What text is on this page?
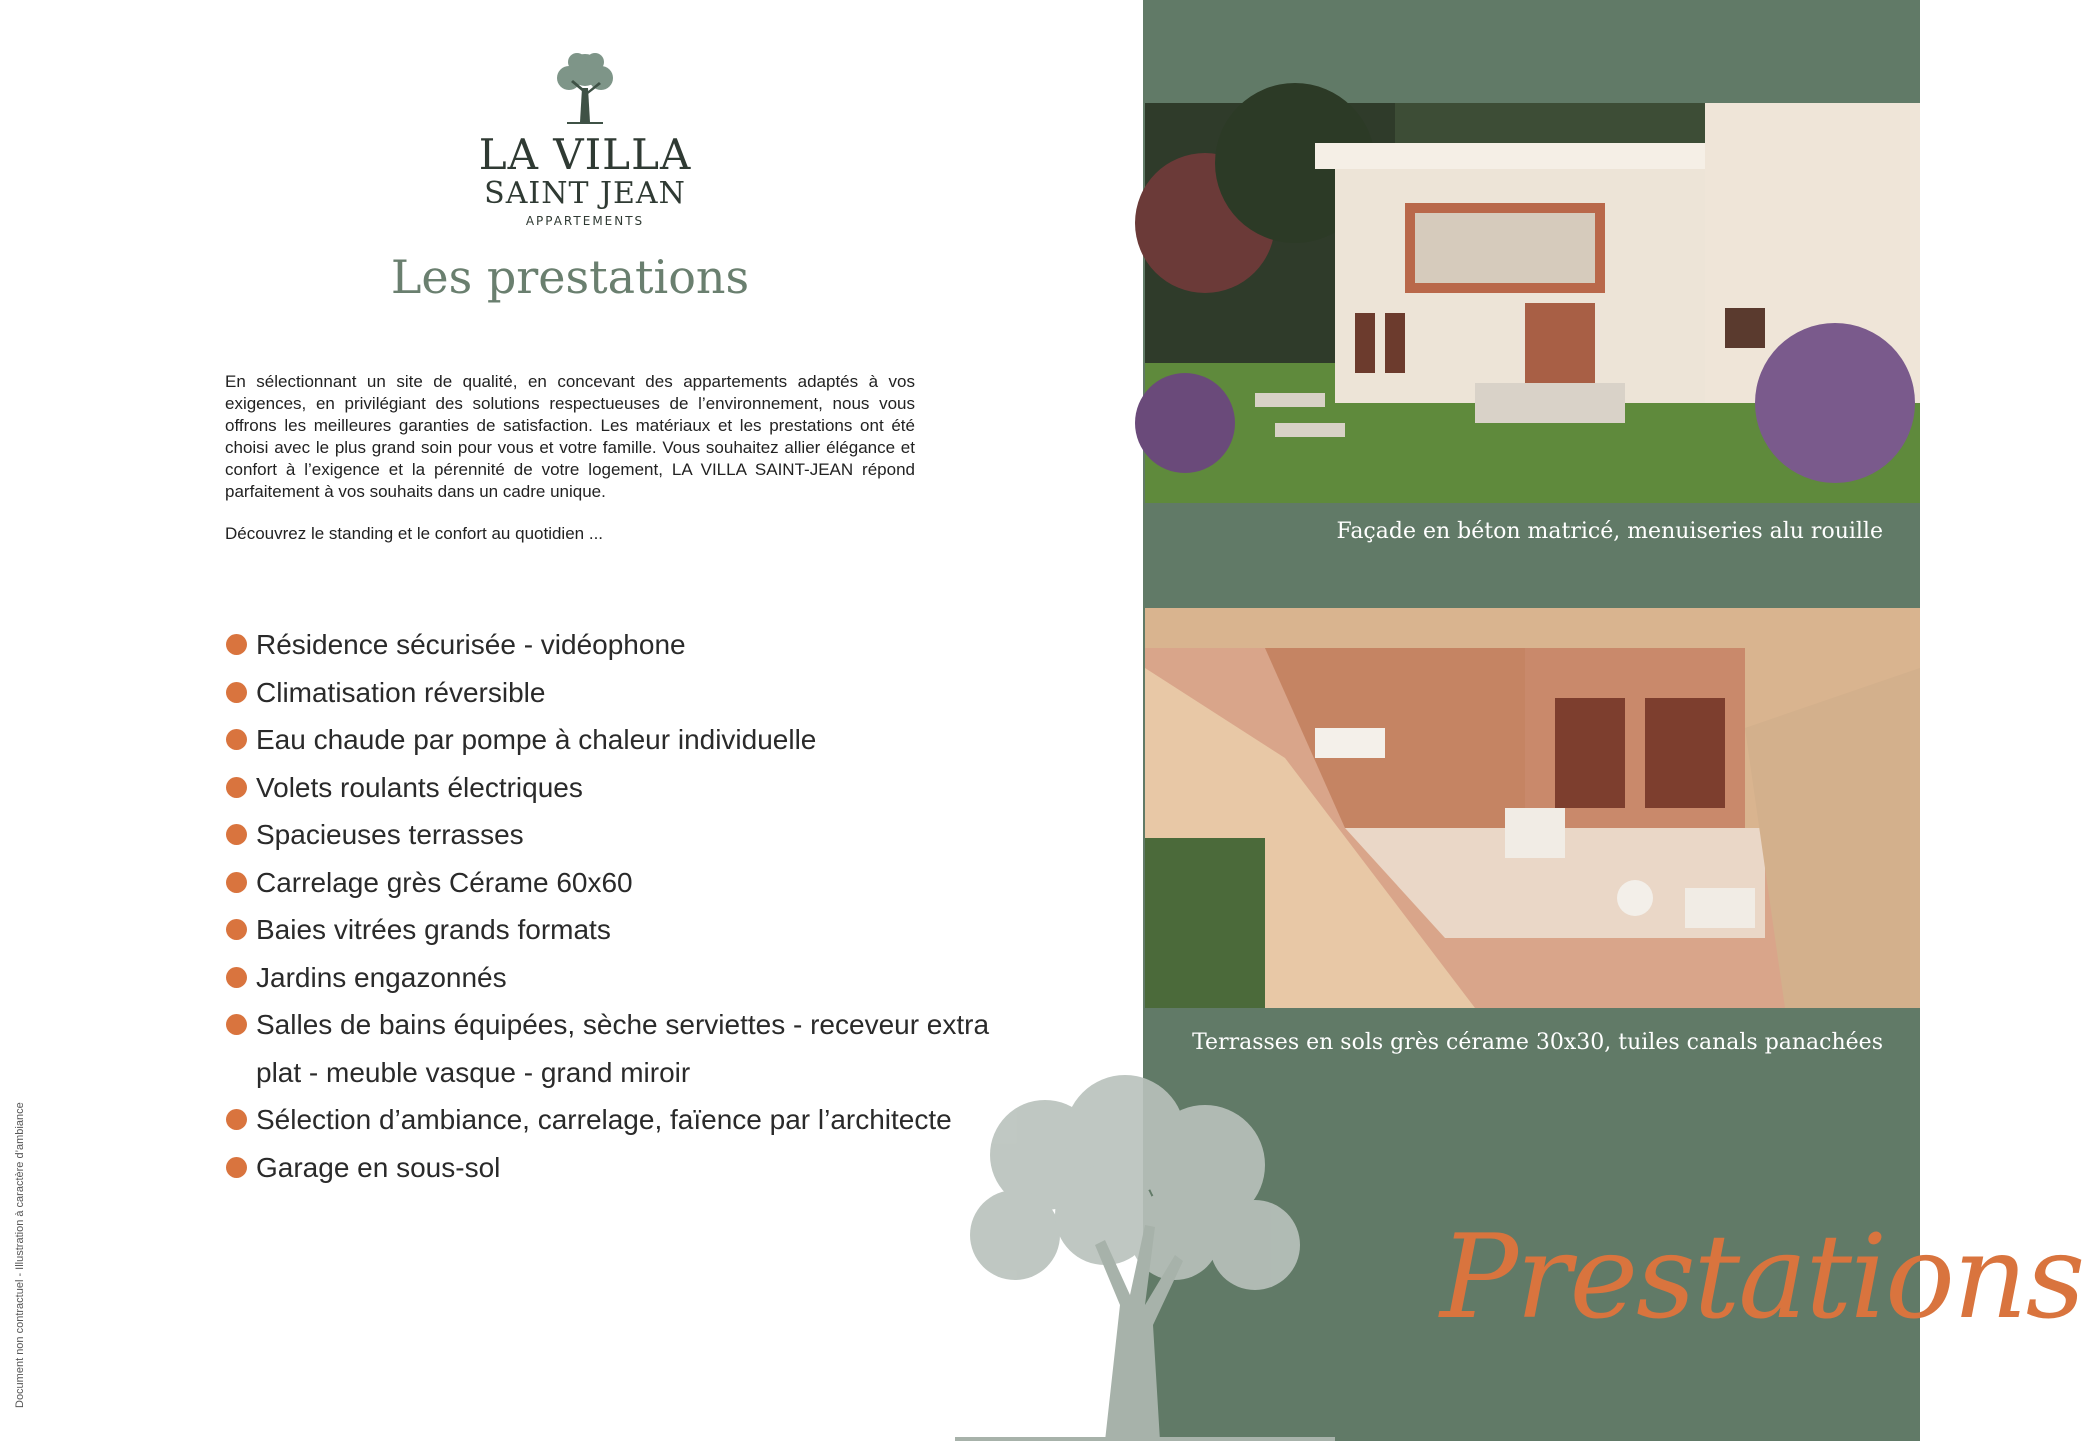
LA VILLA
SAINT JEAN
APPARTEMENTS
Les prestations

En sélectionnant un site de qualité, en concevant des appartements adaptés à vos exigences, en privilégiant des solutions respectueuses de l’environnement, nous vous offrons les meilleures garanties de satisfaction. Les matériaux et les prestations ont été choisi avec le plus grand soin pour vous et votre famille. Vous souhaitez allier élégance et confort à l’exigence et la pérennité de votre logement, LA VILLA SAINT-JEAN répond parfaitement à vos souhaits dans un cadre unique.

Découvrez le standing et le confort au quotidien ...

Résidence sécurisée - vidéophone
Climatisation réversible
Eau chaude par pompe à chaleur individuelle
Volets roulants électriques
Spacieuses terrasses
Carrelage grès Cérame 60x60
Baies vitrées grands formats
Jardins engazonnés
Salles de bains équipées, sèche serviettes - receveur extra plat - meuble vasque - grand miroir
Sélection d’ambiance, carrelage, faïence par l’architecte
Garage en sous-sol
Document non contractuel - Illustration à caractère d’ambiance
Façade en béton matricé, menuiseries alu rouille
Terrasses en sols grès cérame 30x30, tuiles canals panachées
Prestations
